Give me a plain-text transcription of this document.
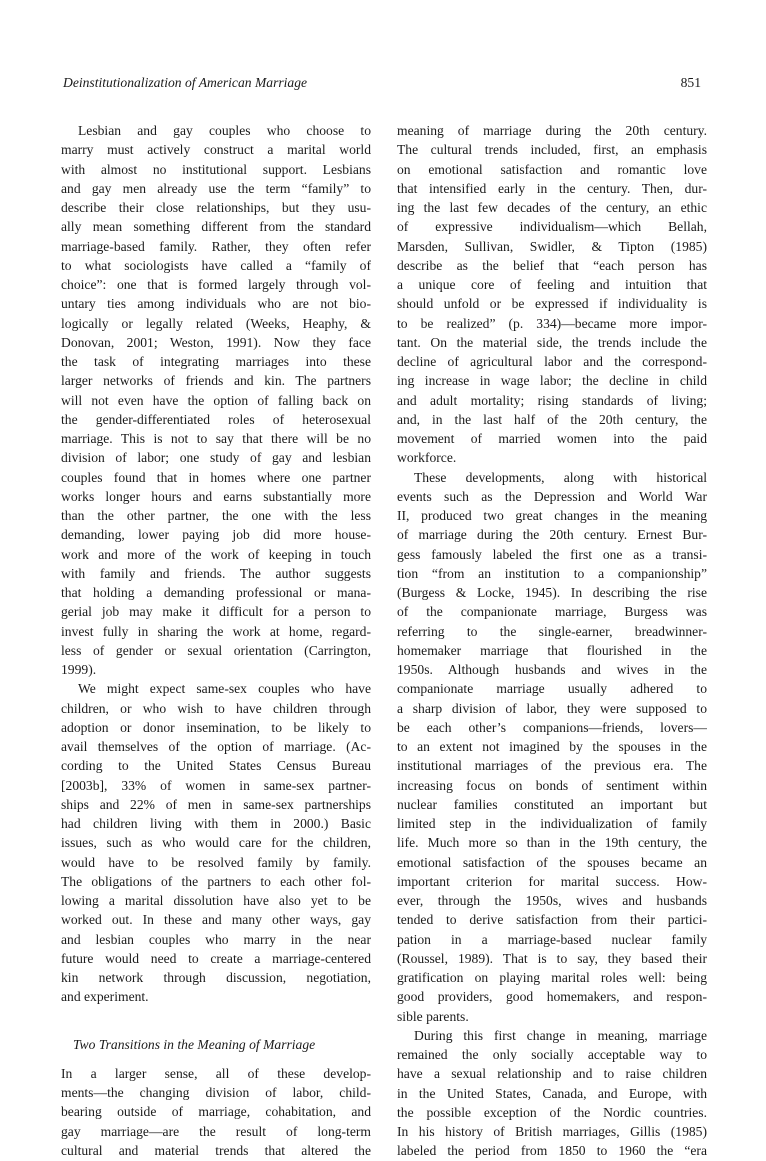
Deinstitutionalization of American Marriage	851
Lesbian and gay couples who choose to
marry must actively construct a marital world
with almost no institutional support. Lesbians
and gay men already use the term “family” to
describe their close relationships, but they usu-
ally mean something different from the standard
marriage-based family. Rather, they often refer
to what sociologists have called a “family of
choice”: one that is formed largely through vol-
untary ties among individuals who are not bio-
logically or legally related (Weeks, Heaphy, &
Donovan, 2001; Weston, 1991). Now they face
the task of integrating marriages into these
larger networks of friends and kin. The partners
will not even have the option of falling back on
the gender-differentiated roles of heterosexual
marriage. This is not to say that there will be no
division of labor; one study of gay and lesbian
couples found that in homes where one partner
works longer hours and earns substantially more
than the other partner, the one with the less
demanding, lower paying job did more house-
work and more of the work of keeping in touch
with family and friends. The author suggests
that holding a demanding professional or mana-
gerial job may make it difficult for a person to
invest fully in sharing the work at home, regard-
less of gender or sexual orientation (Carrington,
1999).
We might expect same-sex couples who have
children, or who wish to have children through
adoption or donor insemination, to be likely to
avail themselves of the option of marriage. (Ac-
cording to the United States Census Bureau
[2003b], 33% of women in same-sex partner-
ships and 22% of men in same-sex partnerships
had children living with them in 2000.) Basic
issues, such as who would care for the children,
would have to be resolved family by family.
The obligations of the partners to each other fol-
lowing a marital dissolution have also yet to be
worked out. In these and many other ways, gay
and lesbian couples who marry in the near
future would need to create a marriage-centered
kin network through discussion, negotiation,
and experiment.
Two Transitions in the Meaning of Marriage
In a larger sense, all of these develop-
ments—the changing division of labor, child-
bearing outside of marriage, cohabitation, and
gay marriage—are the result of long-term
cultural and material trends that altered the
meaning of marriage during the 20th century.
The cultural trends included, first, an emphasis
on emotional satisfaction and romantic love
that intensified early in the century. Then, dur-
ing the last few decades of the century, an ethic
of expressive individualism—which Bellah,
Marsden, Sullivan, Swidler, & Tipton (1985)
describe as the belief that “each person has
a unique core of feeling and intuition that
should unfold or be expressed if individuality is
to be realized” (p. 334)—became more impor-
tant. On the material side, the trends include the
decline of agricultural labor and the correspond-
ing increase in wage labor; the decline in child
and adult mortality; rising standards of living;
and, in the last half of the 20th century, the
movement of married women into the paid
workforce.
These developments, along with historical
events such as the Depression and World War
II, produced two great changes in the meaning
of marriage during the 20th century. Ernest Bur-
gess famously labeled the first one as a transi-
tion “from an institution to a companionship”
(Burgess & Locke, 1945). In describing the rise
of the companionate marriage, Burgess was
referring to the single-earner, breadwinner-
homemaker marriage that flourished in the
1950s. Although husbands and wives in the
companionate marriage usually adhered to
a sharp division of labor, they were supposed to
be each other’s companions—friends, lovers—
to an extent not imagined by the spouses in the
institutional marriages of the previous era. The
increasing focus on bonds of sentiment within
nuclear families constituted an important but
limited step in the individualization of family
life. Much more so than in the 19th century, the
emotional satisfaction of the spouses became an
important criterion for marital success. How-
ever, through the 1950s, wives and husbands
tended to derive satisfaction from their partici-
pation in a marriage-based nuclear family
(Roussel, 1989). That is to say, they based their
gratification on playing marital roles well: being
good providers, good homemakers, and respon-
sible parents.
During this first change in meaning, marriage
remained the only socially acceptable way to
have a sexual relationship and to raise children
in the United States, Canada, and Europe, with
the possible exception of the Nordic countries.
In his history of British marriages, Gillis (1985)
labeled the period from 1850 to 1960 the “era
